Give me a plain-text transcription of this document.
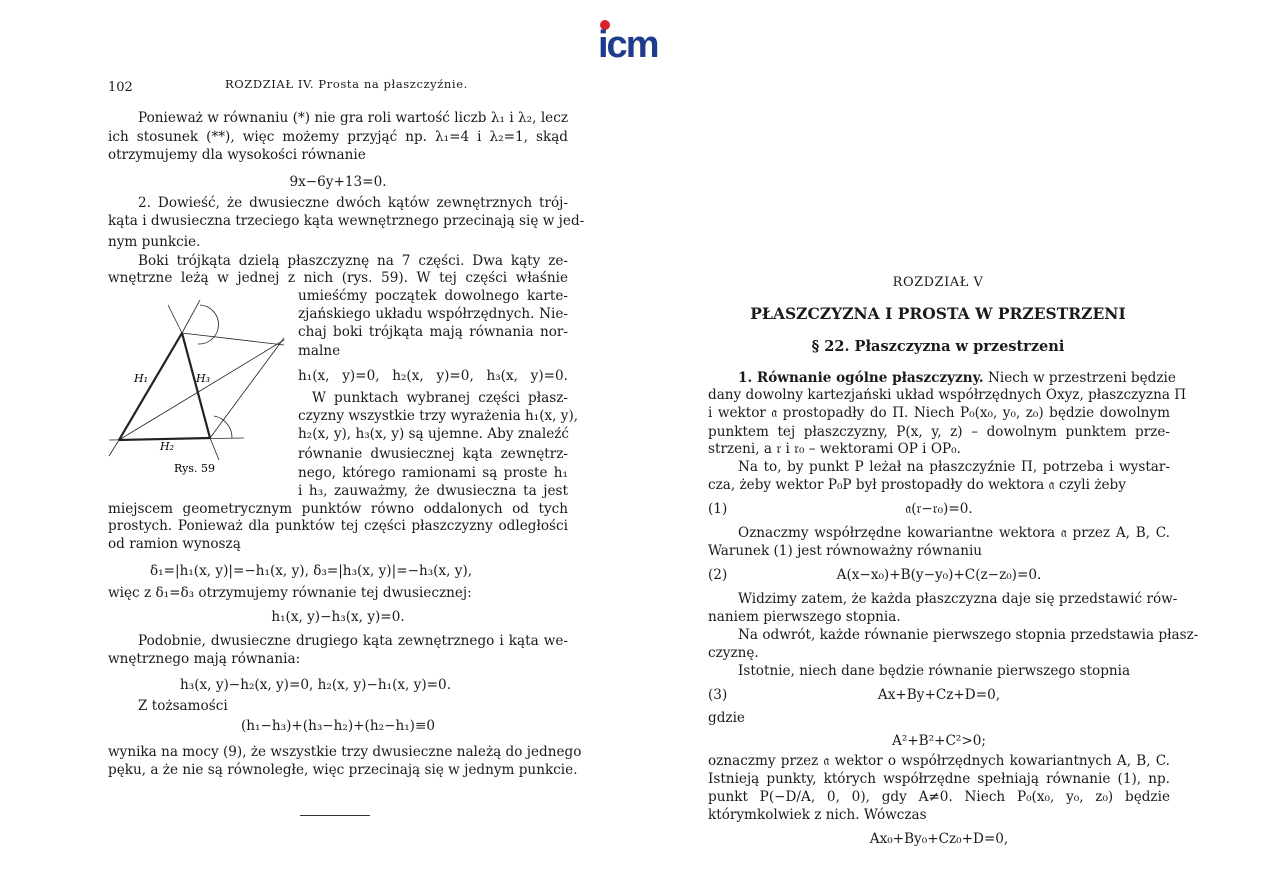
icm
102	ROZDZIAŁ IV. Prosta na płaszczyźnie.
Ponieważ w równaniu (*) nie gra roli wartość liczb λ₁ i λ₂, lecz
ich stosunek (**), więc możemy przyjąć np. λ₁=4 i λ₂=1, skąd
otrzymujemy dla wysokości równanie
9x−6y+13=0.
2. Dowieść, że dwusieczne dwóch kątów zewnętrznych trój-
kąta i dwusieczna trzeciego kąta wewnętrznego przecinają się w jed-
nym punkcie.
Boki trójkąta dzielą płaszczyznę na 7 części. Dwa kąty ze-
wnętrzne leżą w jednej z nich (rys. 59). W tej części właśnie
umieśćmy początek dowolnego karte-
zjańskiego układu współrzędnych. Nie-
chaj boki trójkąta mają równania nor-
malne
h₁(x, y)=0, h₂(x, y)=0, h₃(x, y)=0.
W punktach wybranej części płasz-
czyzny wszystkie trzy wyrażenia h₁(x, y),
h₂(x, y), h₃(x, y) są ujemne. Aby znaleźć
równanie dwusiecznej kąta zewnętrz-
nego, którego ramionami są proste h₁
i h₃, zauważmy, że dwusieczna ta jest
miejscem geometrycznym punktów równo oddalonych od tych
prostych. Ponieważ dla punktów tej części płaszczyzny odległości
od ramion wynoszą
δ₁=|h₁(x, y)|=−h₁(x, y), δ₃=|h₃(x, y)|=−h₃(x, y),
więc z δ₁=δ₃ otrzymujemy równanie tej dwusiecznej:
h₁(x, y)−h₃(x, y)=0.
Podobnie, dwusieczne drugiego kąta zewnętrznego i kąta we-
wnętrznego mają równania:
h₃(x, y)−h₂(x, y)=0, h₂(x, y)−h₁(x, y)=0.
Z tożsamości
(h₁−h₃)+(h₃−h₂)+(h₂−h₁)≡0
wynika na mocy (9), że wszystkie trzy dwusieczne należą do jednego
pęku, a że nie są równoległe, więc przecinają się w jednym punkcie.
H₁	H₃
H₂
Rys. 59
ROZDZIAŁ V
PŁASZCZYZNA I PROSTA W PRZESTRZENI
§ 22. Płaszczyzna w przestrzeni
1. Równanie ogólne płaszczyzny. Niech w przestrzeni będzie
dany dowolny kartezjański układ współrzędnych Oxyz, płaszczyzna Π
i wektor 𝔞 prostopadły do Π. Niech P₀(x₀, y₀, z₀) będzie dowolnym
punktem tej płaszczyzny, P(x, y, z) – dowolnym punktem prze-
strzeni, a 𝔯 i 𝔯₀ – wektorami OP i OP₀.
Na to, by punkt P leżał na płaszczyźnie Π, potrzeba i wystar-
cza, żeby wektor P₀P był prostopadły do wektora 𝔞 czyli żeby
(1)	𝔞(𝔯−𝔯₀)=0.
Oznaczmy współrzędne kowariantne wektora 𝔞 przez A, B, C.
Warunek (1) jest równoważny równaniu
(2)	A(x−x₀)+B(y−y₀)+C(z−z₀)=0.
Widzimy zatem, że każda płaszczyzna daje się przedstawić rów-
naniem pierwszego stopnia.
Na odwrót, każde równanie pierwszego stopnia przedstawia płasz-
czyznę.
Istotnie, niech dane będzie równanie pierwszego stopnia
(3)	Ax+By+Cz+D=0,
gdzie
A²+B²+C²>0;
oznaczmy przez 𝔞 wektor o współrzędnych kowariantnych A, B, C.
Istnieją punkty, których współrzędne spełniają równanie (1), np.
punkt P(−D/A, 0, 0), gdy A≠0. Niech P₀(x₀, y₀, z₀) będzie
którymkolwiek z nich. Wówczas
Ax₀+By₀+Cz₀+D=0,
